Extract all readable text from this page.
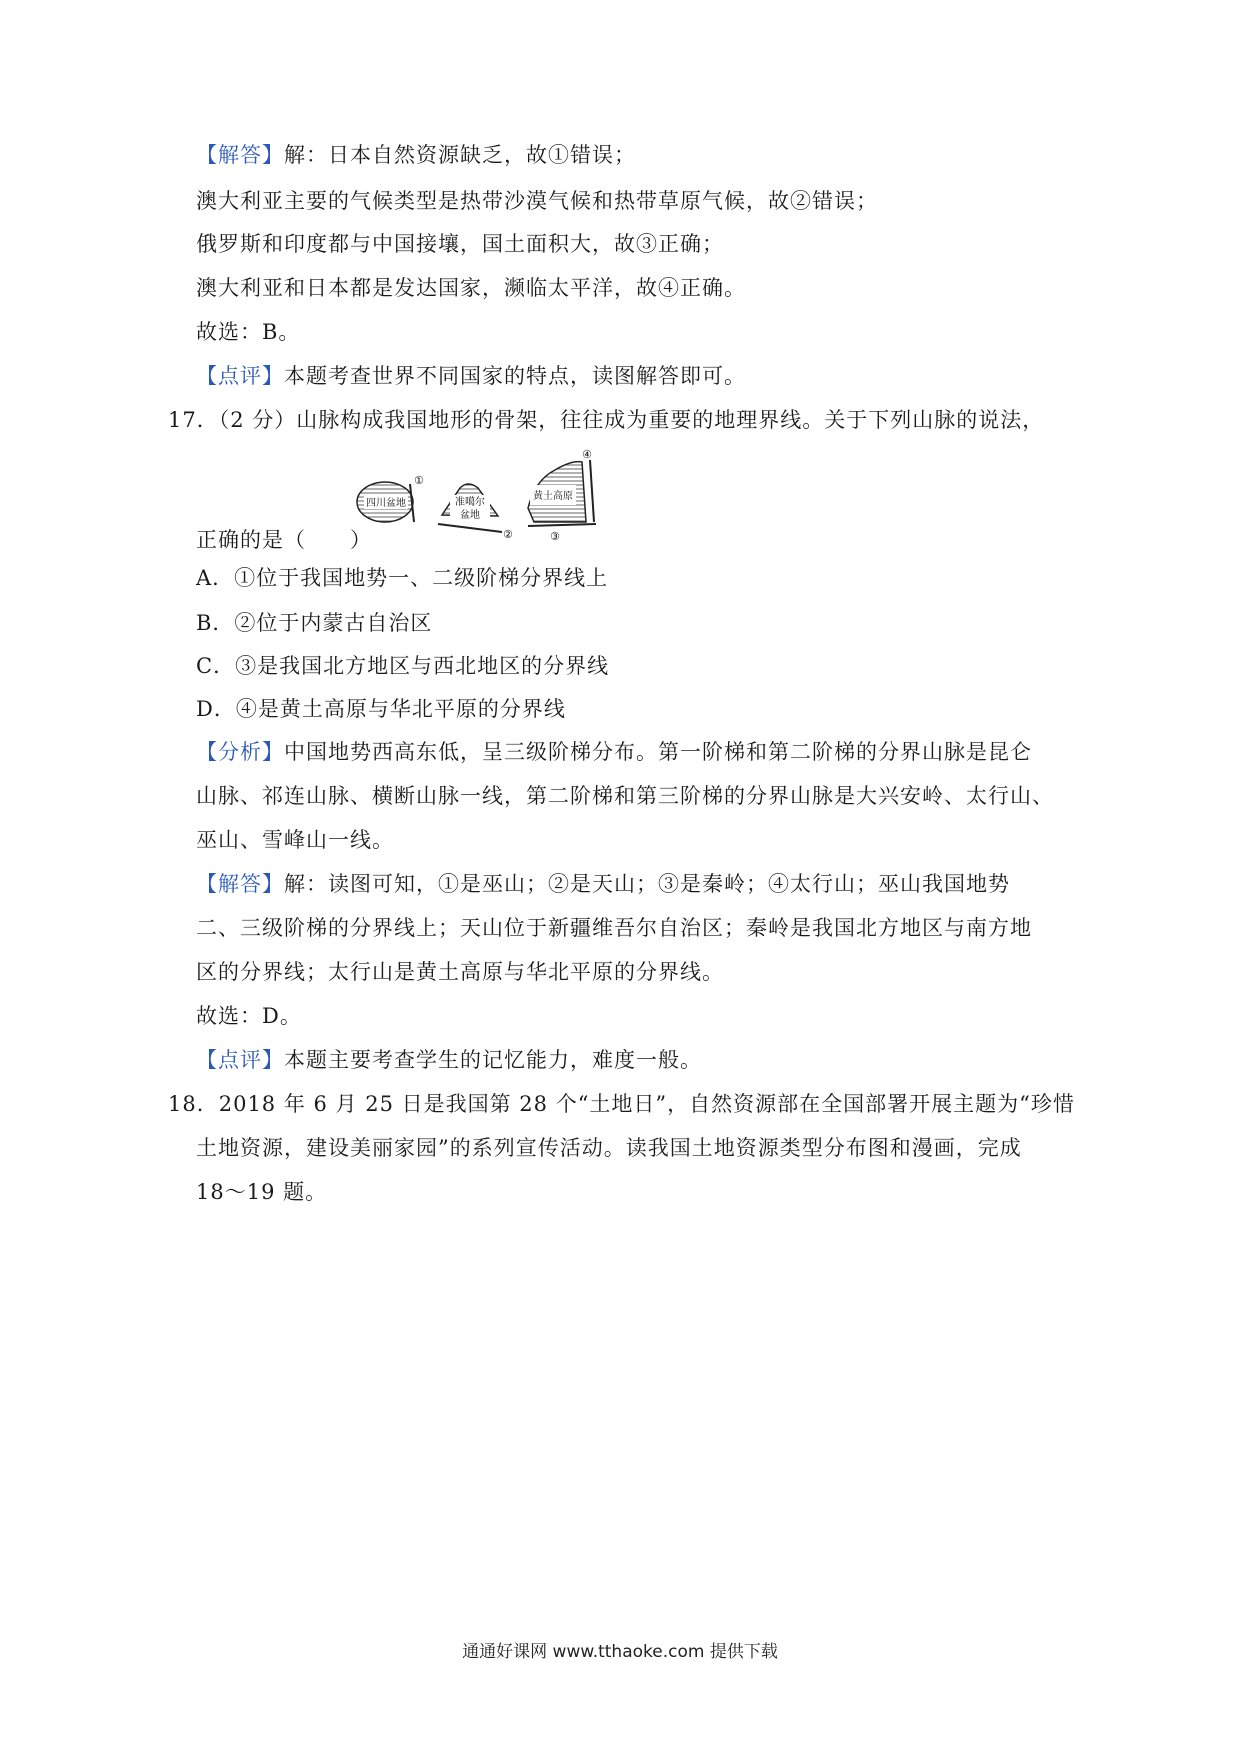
【解答】解：日本自然资源缺乏，故①错误；
澳大利亚主要的气候类型是热带沙漠气候和热带草原气候，故②错误；
俄罗斯和印度都与中国接壤，国土面积大，故③正确；
澳大利亚和日本都是发达国家，濒临太平洋，故④正确。
故选：B。
【点评】本题考查世界不同国家的特点，读图解答即可。
17．（2 分）山脉构成我国地形的骨架，往往成为重要的地理界线。关于下列山脉的说法，
四川盆地
①
准噶尔
盆地
②
黄土高原
③
④
正确的是（　　）
A．①位于我国地势一、二级阶梯分界线上
B．②位于内蒙古自治区
C．③是我国北方地区与西北地区的分界线
D．④是黄土高原与华北平原的分界线
【分析】中国地势西高东低，呈三级阶梯分布。第一阶梯和第二阶梯的分界山脉是昆仑
山脉、祁连山脉、横断山脉一线，第二阶梯和第三阶梯的分界山脉是大兴安岭、太行山、
巫山、雪峰山一线。
【解答】解：读图可知，①是巫山；②是天山；③是秦岭；④太行山；巫山我国地势
二、三级阶梯的分界线上；天山位于新疆维吾尔自治区；秦岭是我国北方地区与南方地
区的分界线；太行山是黄土高原与华北平原的分界线。
故选：D。
【点评】本题主要考查学生的记忆能力，难度一般。
18．2018 年 6 月 25 日是我国第 28 个“土地日”，自然资源部在全国部署开展主题为“珍惜
土地资源，建设美丽家园”的系列宣传活动。读我国土地资源类型分布图和漫画，完成
18～19 题。
通通好课网 www.tthaoke.com 提供下载
